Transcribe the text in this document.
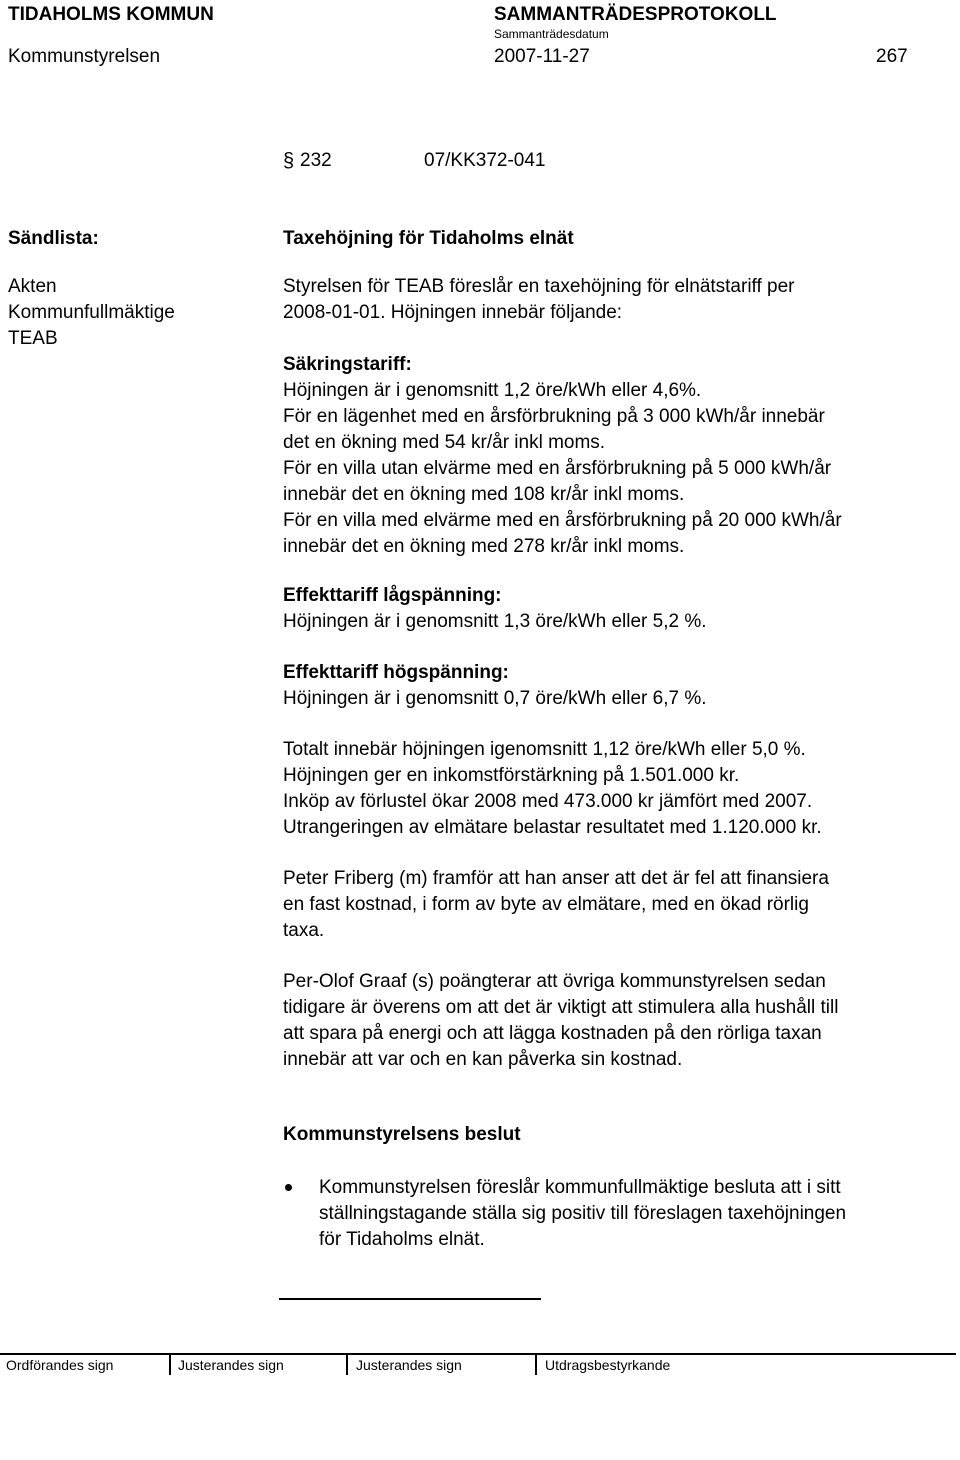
TIDAHOLMS KOMMUN	SAMMANTRÄDESPROTOKOLL
Sammanträdesdatum
Kommunstyrelsen	2007-11-27	267
§ 232	07/KK372-041
Sändlista:
Akten
Kommunfullmäktige
TEAB
Taxehöjning för Tidaholms elnät
Styrelsen för TEAB föreslår en taxehöjning för elnätstariff per
2008-01-01. Höjningen innebär följande:
Säkringstariff:
Höjningen är i genomsnitt 1,2 öre/kWh eller 4,6%.
För en lägenhet med en årsförbrukning på 3 000 kWh/år innebär
det en ökning med 54 kr/år inkl moms.
För en villa utan elvärme med en årsförbrukning på 5 000 kWh/år
innebär det en ökning med 108 kr/år inkl moms.
För en villa med elvärme med en årsförbrukning på 20 000 kWh/år
innebär det en ökning med 278 kr/år inkl moms.
Effekttariff lågspänning:
Höjningen är i genomsnitt 1,3 öre/kWh eller 5,2 %.
Effekttariff högspänning:
Höjningen är i genomsnitt 0,7 öre/kWh eller 6,7 %.
Totalt innebär höjningen igenomsnitt 1,12 öre/kWh eller 5,0 %.
Höjningen ger en inkomstförstärkning på 1.501.000 kr.
Inköp av förlustel ökar 2008 med 473.000 kr jämfört med 2007.
Utrangeringen av elmätare belastar resultatet med 1.120.000 kr.
Peter Friberg (m) framför att han anser att det är fel att finansiera
en fast kostnad, i form av byte av elmätare, med en ökad rörlig
taxa.
Per-Olof Graaf (s) poängterar att övriga kommunstyrelsen sedan
tidigare är överens om att det är viktigt att stimulera alla hushåll till
att spara på energi och att lägga kostnaden på den rörliga taxan
innebär att var och en kan påverka sin kostnad.
Kommunstyrelsens beslut
Kommunstyrelsen föreslår kommunfullmäktige besluta att i sitt
ställningstagande ställa sig positiv till föreslagen taxehöjningen
för Tidaholms elnät.
Ordförandes sign	Justerandes sign	Justerandes sign	Utdragsbestyrkande
